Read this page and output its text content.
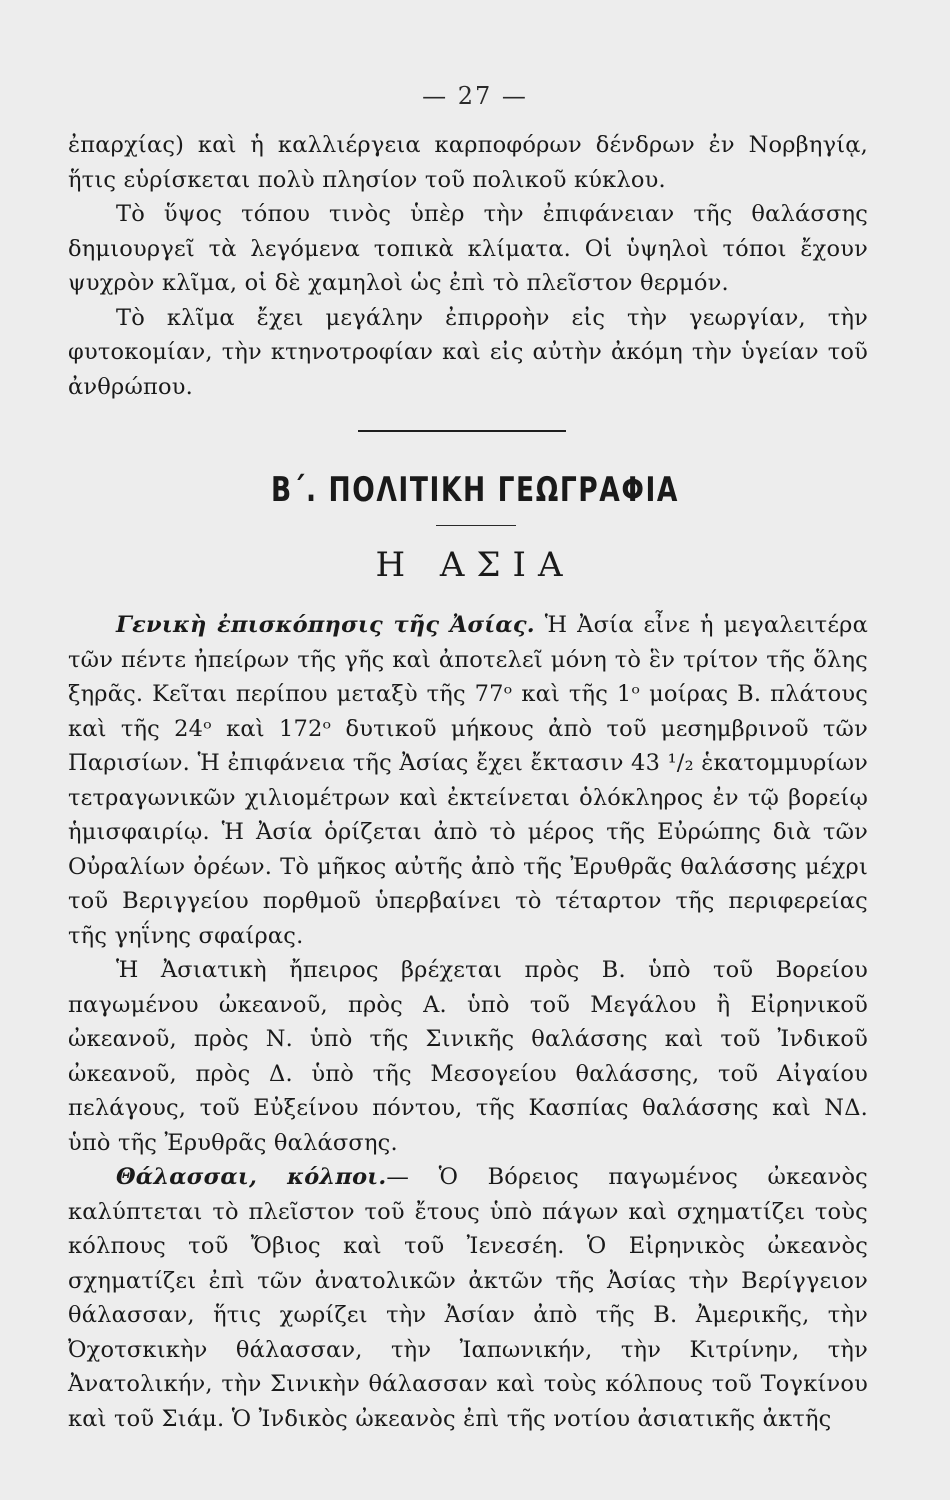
— 27 —

ἐπαρχίας) καὶ ἡ καλλιέργεια καρποφόρων δένδρων ἐν Νορβηγίᾳ, ἥτις εὑρίσκεται πολὺ πλησίον τοῦ πολικοῦ κύκλου.

Τὸ ὕψος τόπου τινὸς ὑπὲρ τὴν ἐπιφάνειαν τῆς θαλάσσης δημιουργεῖ τὰ λεγόμενα τοπικὰ κλίματα. Οἱ ὑψηλοὶ τόποι ἔχουν ψυχρὸν κλῖμα, οἱ δὲ χαμηλοὶ ὡς ἐπὶ τὸ πλεῖστον θερμόν.

Τὸ κλῖμα ἔχει μεγάλην ἐπιρροὴν εἰς τὴν γεωργίαν, τὴν φυτοκομίαν, τὴν κτηνοτροφίαν καὶ εἰς αὐτὴν ἀκόμη τὴν ὑγείαν τοῦ ἀνθρώπου.

Β΄. ΠΟΛΙΤΙΚΗ ΓΕΩΓΡΑΦΙΑ
Η ΑΣΙΑ

Γενικὴ ἐπισκόπησις τῆς Ἀσίας. Ἡ Ἀσία εἶνε ἡ μεγαλειτέρα τῶν πέντε ἠπείρων τῆς γῆς καὶ ἀποτελεῖ μόνη τὸ ἓν τρίτον τῆς ὅλης ξηρᾶς. Κεῖται περίπου μεταξὺ τῆς 77ᵒ καὶ τῆς 1ᵒ μοίρας Β. πλάτους καὶ τῆς 24ᵒ καὶ 172ᵒ δυτικοῦ μήκους ἀπὸ τοῦ μεσημβρινοῦ τῶν Παρισίων. Ἡ ἐπιφάνεια τῆς Ἀσίας ἔχει ἔκτασιν 43 ¹/₂ ἑκατομμυρίων τετραγωνικῶν χιλιομέτρων καὶ ἐκτείνεται ὁλόκληρος ἐν τῷ βορείῳ ἡμισφαιρίῳ. Ἡ Ἀσία ὁρίζεται ἀπὸ τὸ μέρος τῆς Εὐρώπης διὰ τῶν Οὐραλίων ὀρέων. Τὸ μῆκος αὐτῆς ἀπὸ τῆς Ἐρυθρᾶς θαλάσσης μέχρι τοῦ Βεριγγείου πορθμοῦ ὑπερβαίνει τὸ τέταρτον τῆς περιφερείας τῆς γηΐνης σφαίρας.

Ἡ Ἀσιατικὴ ἤπειρος βρέχεται πρὸς Β. ὑπὸ τοῦ Βορείου παγωμένου ὠκεανοῦ, πρὸς Α. ὑπὸ τοῦ Μεγάλου ἢ Εἰρηνικοῦ ὠκεανοῦ, πρὸς Ν. ὑπὸ τῆς Σινικῆς θαλάσσης καὶ τοῦ Ἰνδικοῦ ὠκεανοῦ, πρὸς Δ. ὑπὸ τῆς Μεσογείου θαλάσσης, τοῦ Αἰγαίου πελάγους, τοῦ Εὐξείνου πόντου, τῆς Κασπίας θαλάσσης καὶ ΝΔ. ὑπὸ τῆς Ἐρυθρᾶς θαλάσσης.

Θάλασσαι, κόλποι.— Ὁ Βόρειος παγωμένος ὠκεανὸς καλύπτεται τὸ πλεῖστον τοῦ ἔτους ὑπὸ πάγων καὶ σχηματίζει τοὺς κόλπους τοῦ Ὄβιος καὶ τοῦ Ἰενεσέη. Ὁ Εἰρηνικὸς ὠκεανὸς σχηματίζει ἐπὶ τῶν ἀνατολικῶν ἀκτῶν τῆς Ἀσίας τὴν Βερίγγειον θάλασσαν, ἥτις χωρίζει τὴν Ἀσίαν ἀπὸ τῆς Β. Ἀμερικῆς, τὴν Ὀχοτσκικὴν θάλασσαν, τὴν Ἰαπωνικήν, τὴν Κιτρίνην, τὴν Ἀνατολικήν, τὴν Σινικὴν θάλασσαν καὶ τοὺς κόλπους τοῦ Τογκίνου καὶ τοῦ Σιάμ. Ὁ Ἰνδικὸς ὠκεανὸς ἐπὶ τῆς νοτίου ἀσιατικῆς ἀκτῆς
